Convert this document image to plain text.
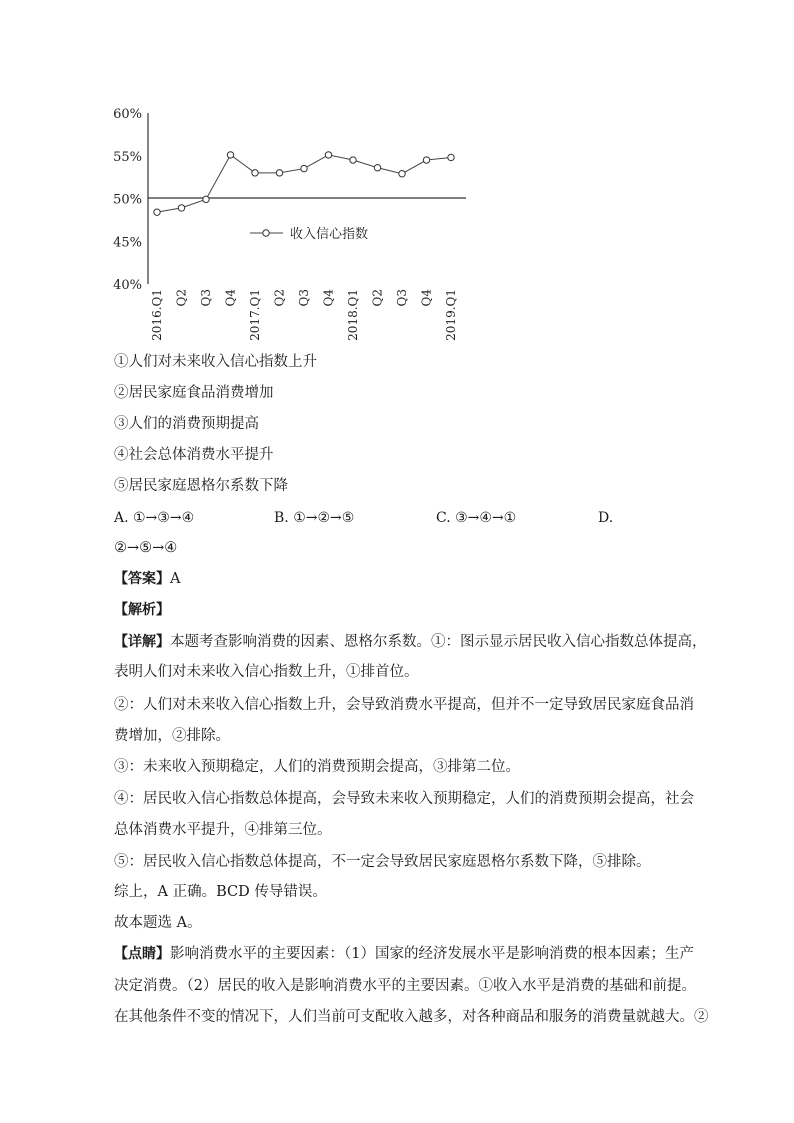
60%
55%
50%
45%
40%
2016.Q1 Q2 Q3 Q4 2017.Q1 Q2 Q3 Q4 2018.Q1 Q2 Q3 Q4 2019.Q1
收入信心指数
①人们对未来收入信心指数上升
②居民家庭食品消费增加
③人们的消费预期提高
④社会总体消费水平提升
⑤居民家庭恩格尔系数下降
A. ①→③→④	B. ①→②→⑤	C. ③→④→①	D.
②→⑤→④
【答案】A
【解析】
【详解】本题考查影响消费的因素、恩格尔系数。①：图示显示居民收入信心指数总体提高，
表明人们对未来收入信心指数上升，①排首位。
②：人们对未来收入信心指数上升，会导致消费水平提高，但并不一定导致居民家庭食品消
费增加，②排除。
③：未来收入预期稳定，人们的消费预期会提高，③排第二位。
④：居民收入信心指数总体提高，会导致未来收入预期稳定，人们的消费预期会提高，社会
总体消费水平提升，④排第三位。
⑤：居民收入信心指数总体提高，不一定会导致居民家庭恩格尔系数下降，⑤排除。
综上，A 正确。BCD 传导错误。
故本题选 A。
【点睛】影响消费水平的主要因素：（1）国家的经济发展水平是影响消费的根本因素；生产
决定消费。（2）居民的收入是影响消费水平的主要因素。①收入水平是消费的基础和前提。
在其他条件不变的情况下，人们当前可支配收入越多，对各种商品和服务的消费量就越大。②
